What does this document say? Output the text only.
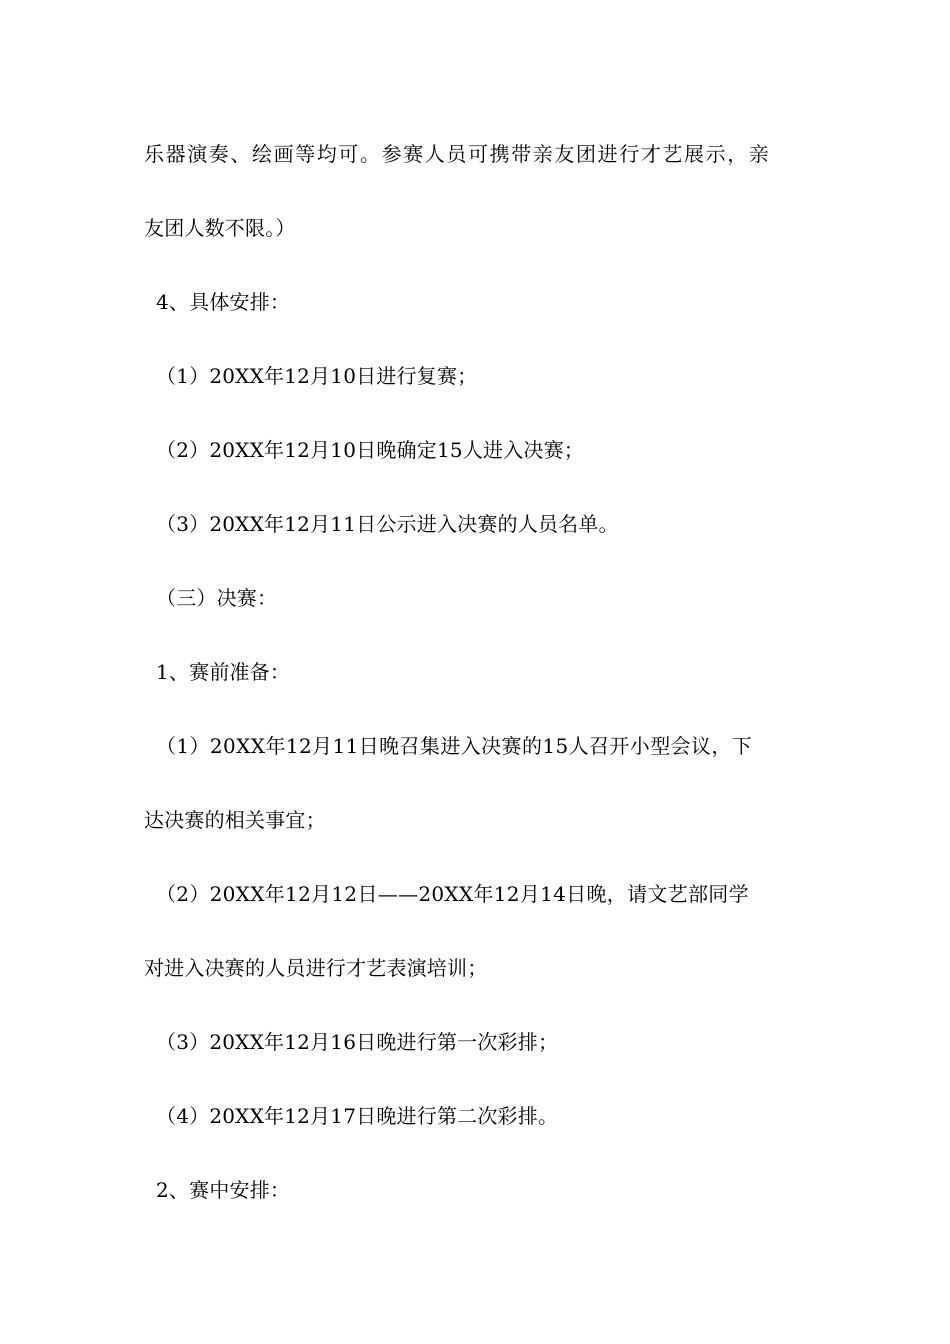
乐器演奏、绘画等均可。参赛人员可携带亲友团进行才艺展示，亲
友团人数不限。）
4、具体安排：
（1）20XX年12月10日进行复赛；
（2）20XX年12月10日晚确定15人进入决赛；
（3）20XX年12月11日公示进入决赛的人员名单。
（三）决赛：
1、赛前准备：
（1）20XX年12月11日晚召集进入决赛的15人召开小型会议，下
达决赛的相关事宜；
（2）20XX年12月12日——20XX年12月14日晚，请文艺部同学
对进入决赛的人员进行才艺表演培训；
（3）20XX年12月16日晚进行第一次彩排；
（4）20XX年12月17日晚进行第二次彩排。
2、赛中安排：
